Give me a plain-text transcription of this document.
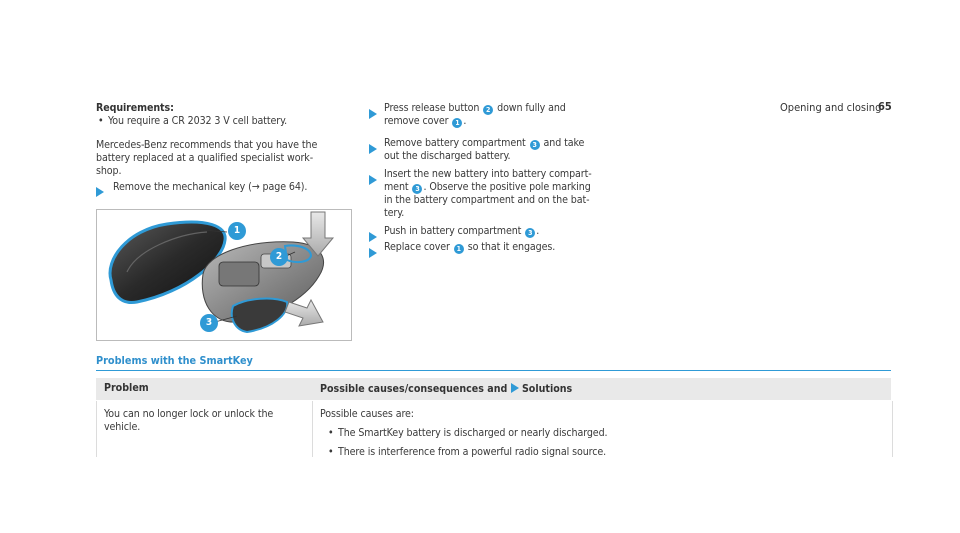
Opening and closing
65
Requirements:
• You require a CR 2032 3 V cell battery.
Mercedes-Benz recommends that you have the
battery replaced at a qualified specialist work-
shop.
Remove the mechanical key (→ page 64).
1
2
3
Press release button 2 down fully and
remove cover 1 .
Remove battery compartment 3 and take
out the discharged battery.
Insert the new battery into battery compart-
ment 3 . Observe the positive pole marking
in the battery compartment and on the bat-
tery.
Push in battery compartment 3 .
Replace cover 1 so that it engages.
Problems with the SmartKey
Problem	Possible causes/consequences and  Solutions
You can no longer lock or unlock the
vehicle.
Possible causes are:
• The SmartKey battery is discharged or nearly discharged.
• There is interference from a powerful radio signal source.
